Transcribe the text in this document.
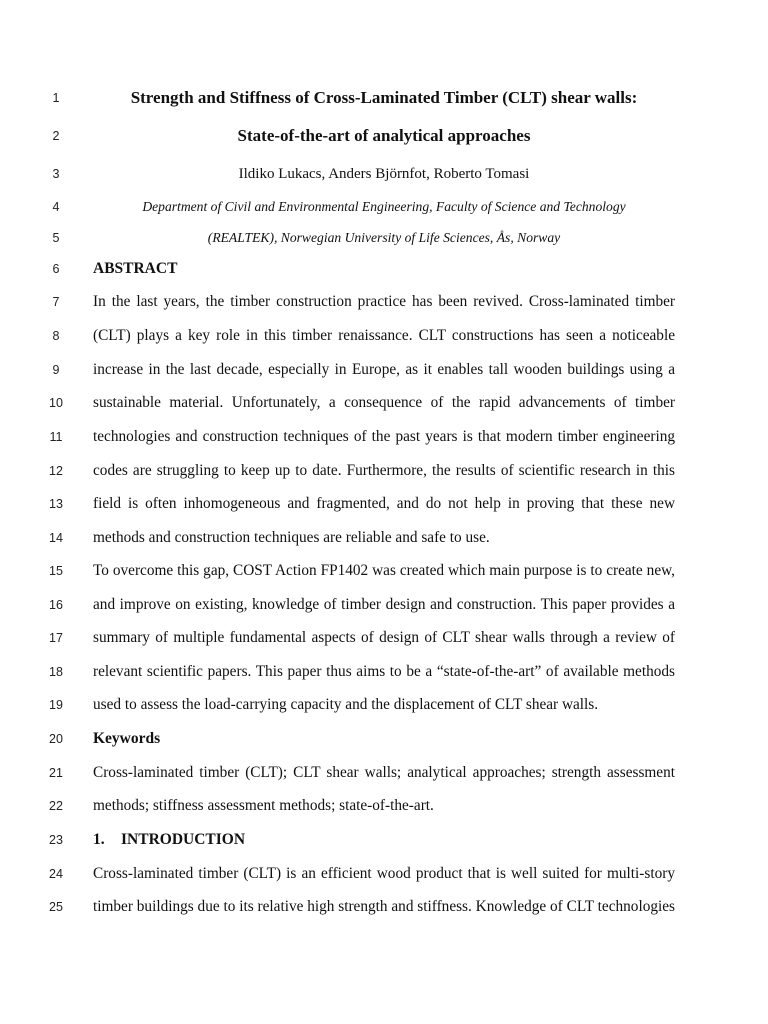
1	Strength and Stiffness of Cross-Laminated Timber (CLT) shear walls:
2	State-of-the-art of analytical approaches
3	Ildiko Lukacs, Anders Björnfot, Roberto Tomasi
4	Department of Civil and Environmental Engineering, Faculty of Science and Technology
5	(REALTEK), Norwegian University of Life Sciences, Ås, Norway
6	ABSTRACT
7	In the last years, the timber construction practice has been revived. Cross-laminated timber
8	(CLT) plays a key role in this timber renaissance. CLT constructions has seen a noticeable
9	increase in the last decade, especially in Europe, as it enables tall wooden buildings using a
10	sustainable material. Unfortunately, a consequence of the rapid advancements of timber
11	technologies and construction techniques of the past years is that modern timber engineering
12	codes are struggling to keep up to date. Furthermore, the results of scientific research in this
13	field is often inhomogeneous and fragmented, and do not help in proving that these new
14	methods and construction techniques are reliable and safe to use.
15	To overcome this gap, COST Action FP1402 was created which main purpose is to create new,
16	and improve on existing, knowledge of timber design and construction. This paper provides a
17	summary of multiple fundamental aspects of design of CLT shear walls through a review of
18	relevant scientific papers. This paper thus aims to be a “state-of-the-art” of available methods
19	used to assess the load-carrying capacity and the displacement of CLT shear walls.
20	Keywords
21	Cross-laminated timber (CLT); CLT shear walls; analytical approaches; strength assessment
22	methods; stiffness assessment methods; state-of-the-art.
23	1. INTRODUCTION
24	Cross-laminated timber (CLT) is an efficient wood product that is well suited for multi-story
25	timber buildings due to its relative high strength and stiffness. Knowledge of CLT technologies
